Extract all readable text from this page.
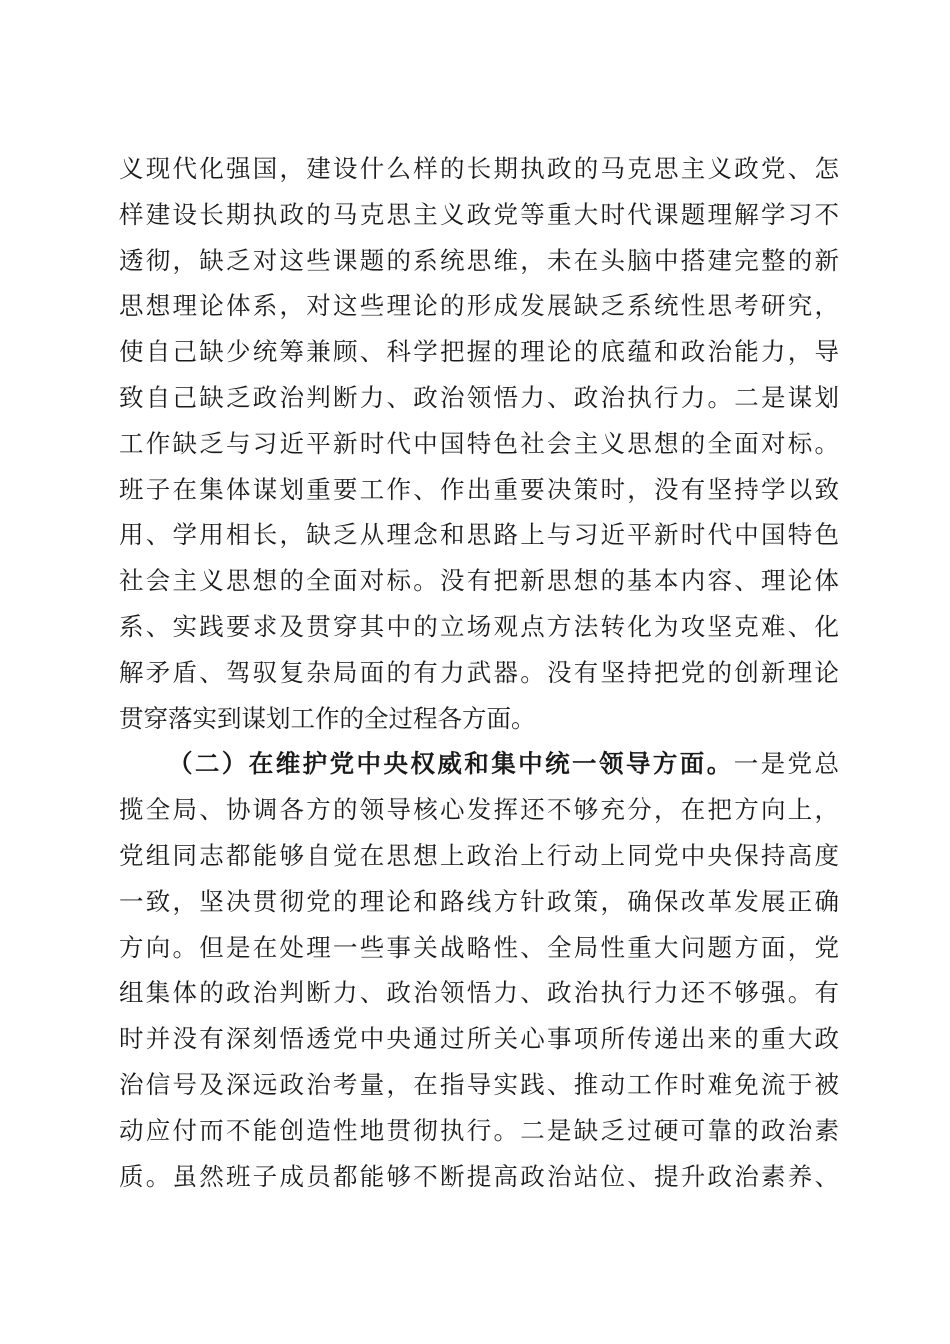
义现代化强国，建设什么样的长期执政的马克思主义政党、怎
样建设长期执政的马克思主义政党等重大时代课题理解学习不
透彻，缺乏对这些课题的系统思维，未在头脑中搭建完整的新
思想理论体系，对这些理论的形成发展缺乏系统性思考研究，
使自己缺少统筹兼顾、科学把握的理论的底蕴和政治能力，导
致自己缺乏政治判断力、政治领悟力、政治执行力。二是谋划
工作缺乏与习近平新时代中国特色社会主义思想的全面对标。
班子在集体谋划重要工作、作出重要决策时，没有坚持学以致
用、学用相长，缺乏从理念和思路上与习近平新时代中国特色
社会主义思想的全面对标。没有把新思想的基本内容、理论体
系、实践要求及贯穿其中的立场观点方法转化为攻坚克难、化
解矛盾、驾驭复杂局面的有力武器。没有坚持把党的创新理论
贯穿落实到谋划工作的全过程各方面。
（二）在维护党中央权威和集中统一领导方面。一是党总
揽全局、协调各方的领导核心发挥还不够充分，在把方向上，
党组同志都能够自觉在思想上政治上行动上同党中央保持高度
一致，坚决贯彻党的理论和路线方针政策，确保改革发展正确
方向。但是在处理一些事关战略性、全局性重大问题方面，党
组集体的政治判断力、政治领悟力、政治执行力还不够强。有
时并没有深刻悟透党中央通过所关心事项所传递出来的重大政
治信号及深远政治考量，在指导实践、推动工作时难免流于被
动应付而不能创造性地贯彻执行。二是缺乏过硬可靠的政治素
质。虽然班子成员都能够不断提高政治站位、提升政治素养、
